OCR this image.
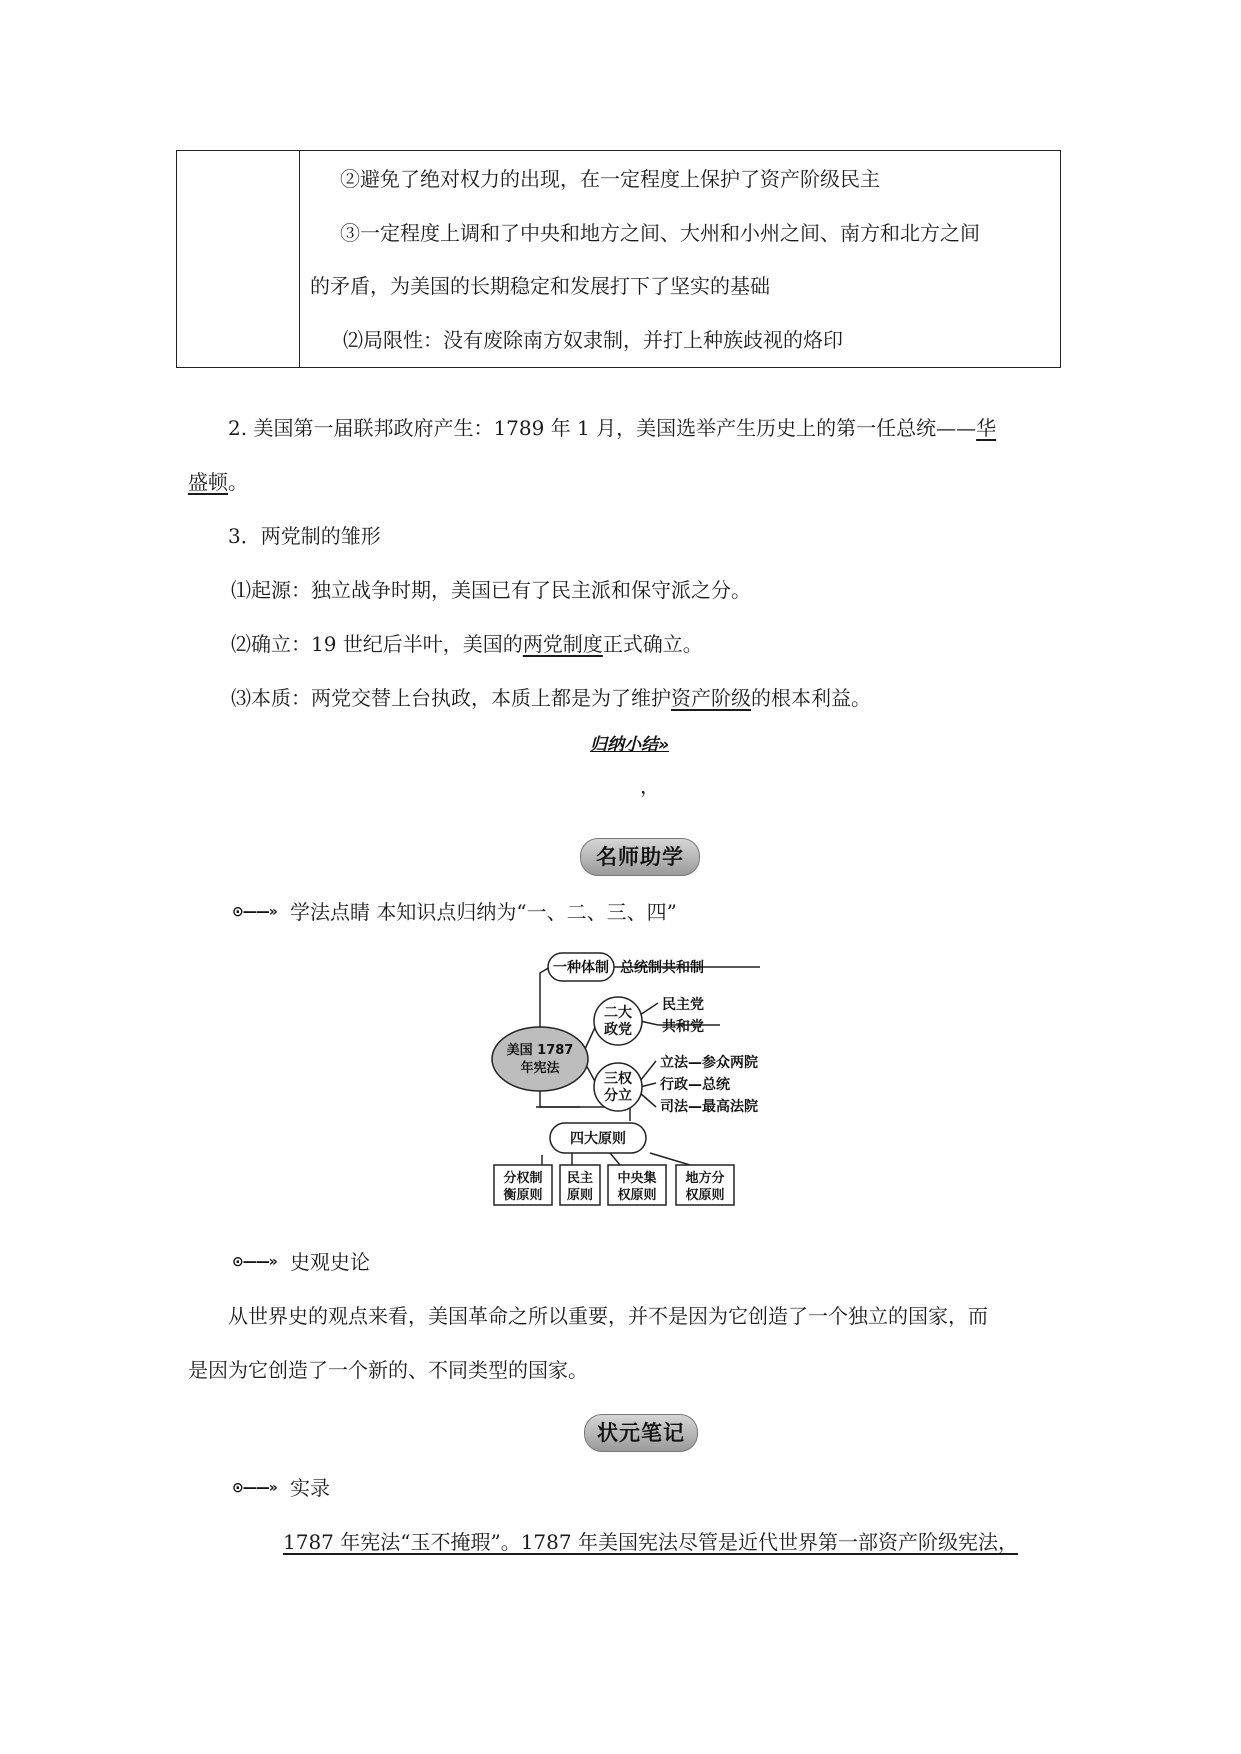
②避免了绝对权力的出现，在一定程度上保护了资产阶级民主
③一定程度上调和了中央和地方之间、大州和小州之间、南方和北方之间
的矛盾，为美国的长期稳定和发展打下了坚实的基础
⑵局限性：没有废除南方奴隶制，并打上种族歧视的烙印
2. 美国第一届联邦政府产生：1789 年 1 月，美国选举产生历史上的第一任总统——华
盛顿。
3．两党制的雏形
⑴起源：独立战争时期，美国已有了民主派和保守派之分。
⑵确立：19 世纪后半叶，美国的两党制度正式确立。
⑶本质：两党交替上台执政，本质上都是为了维护资产阶级的根本利益。
归纳小结»
，
名师助学
⊙——» 学法点睛 本知识点归纳为“一、二、三、四”
一种体制 总统制共和制
美国 1787
年宪法
二大
政党
民主党
共和党
三权
分立
立法—参众两院
行政—总统
司法—最高法院
四大原则
分权制
衡原则
民主
原则
中央集
权原则
地方分
权原则
⊙——» 史观史论
从世界史的观点来看，美国革命之所以重要，并不是因为它创造了一个独立的国家，而
是因为它创造了一个新的、不同类型的国家。
状元笔记
⊙——» 实录
1787 年宪法“玉不掩瑕”。1787 年美国宪法尽管是近代世界第一部资产阶级宪法，
